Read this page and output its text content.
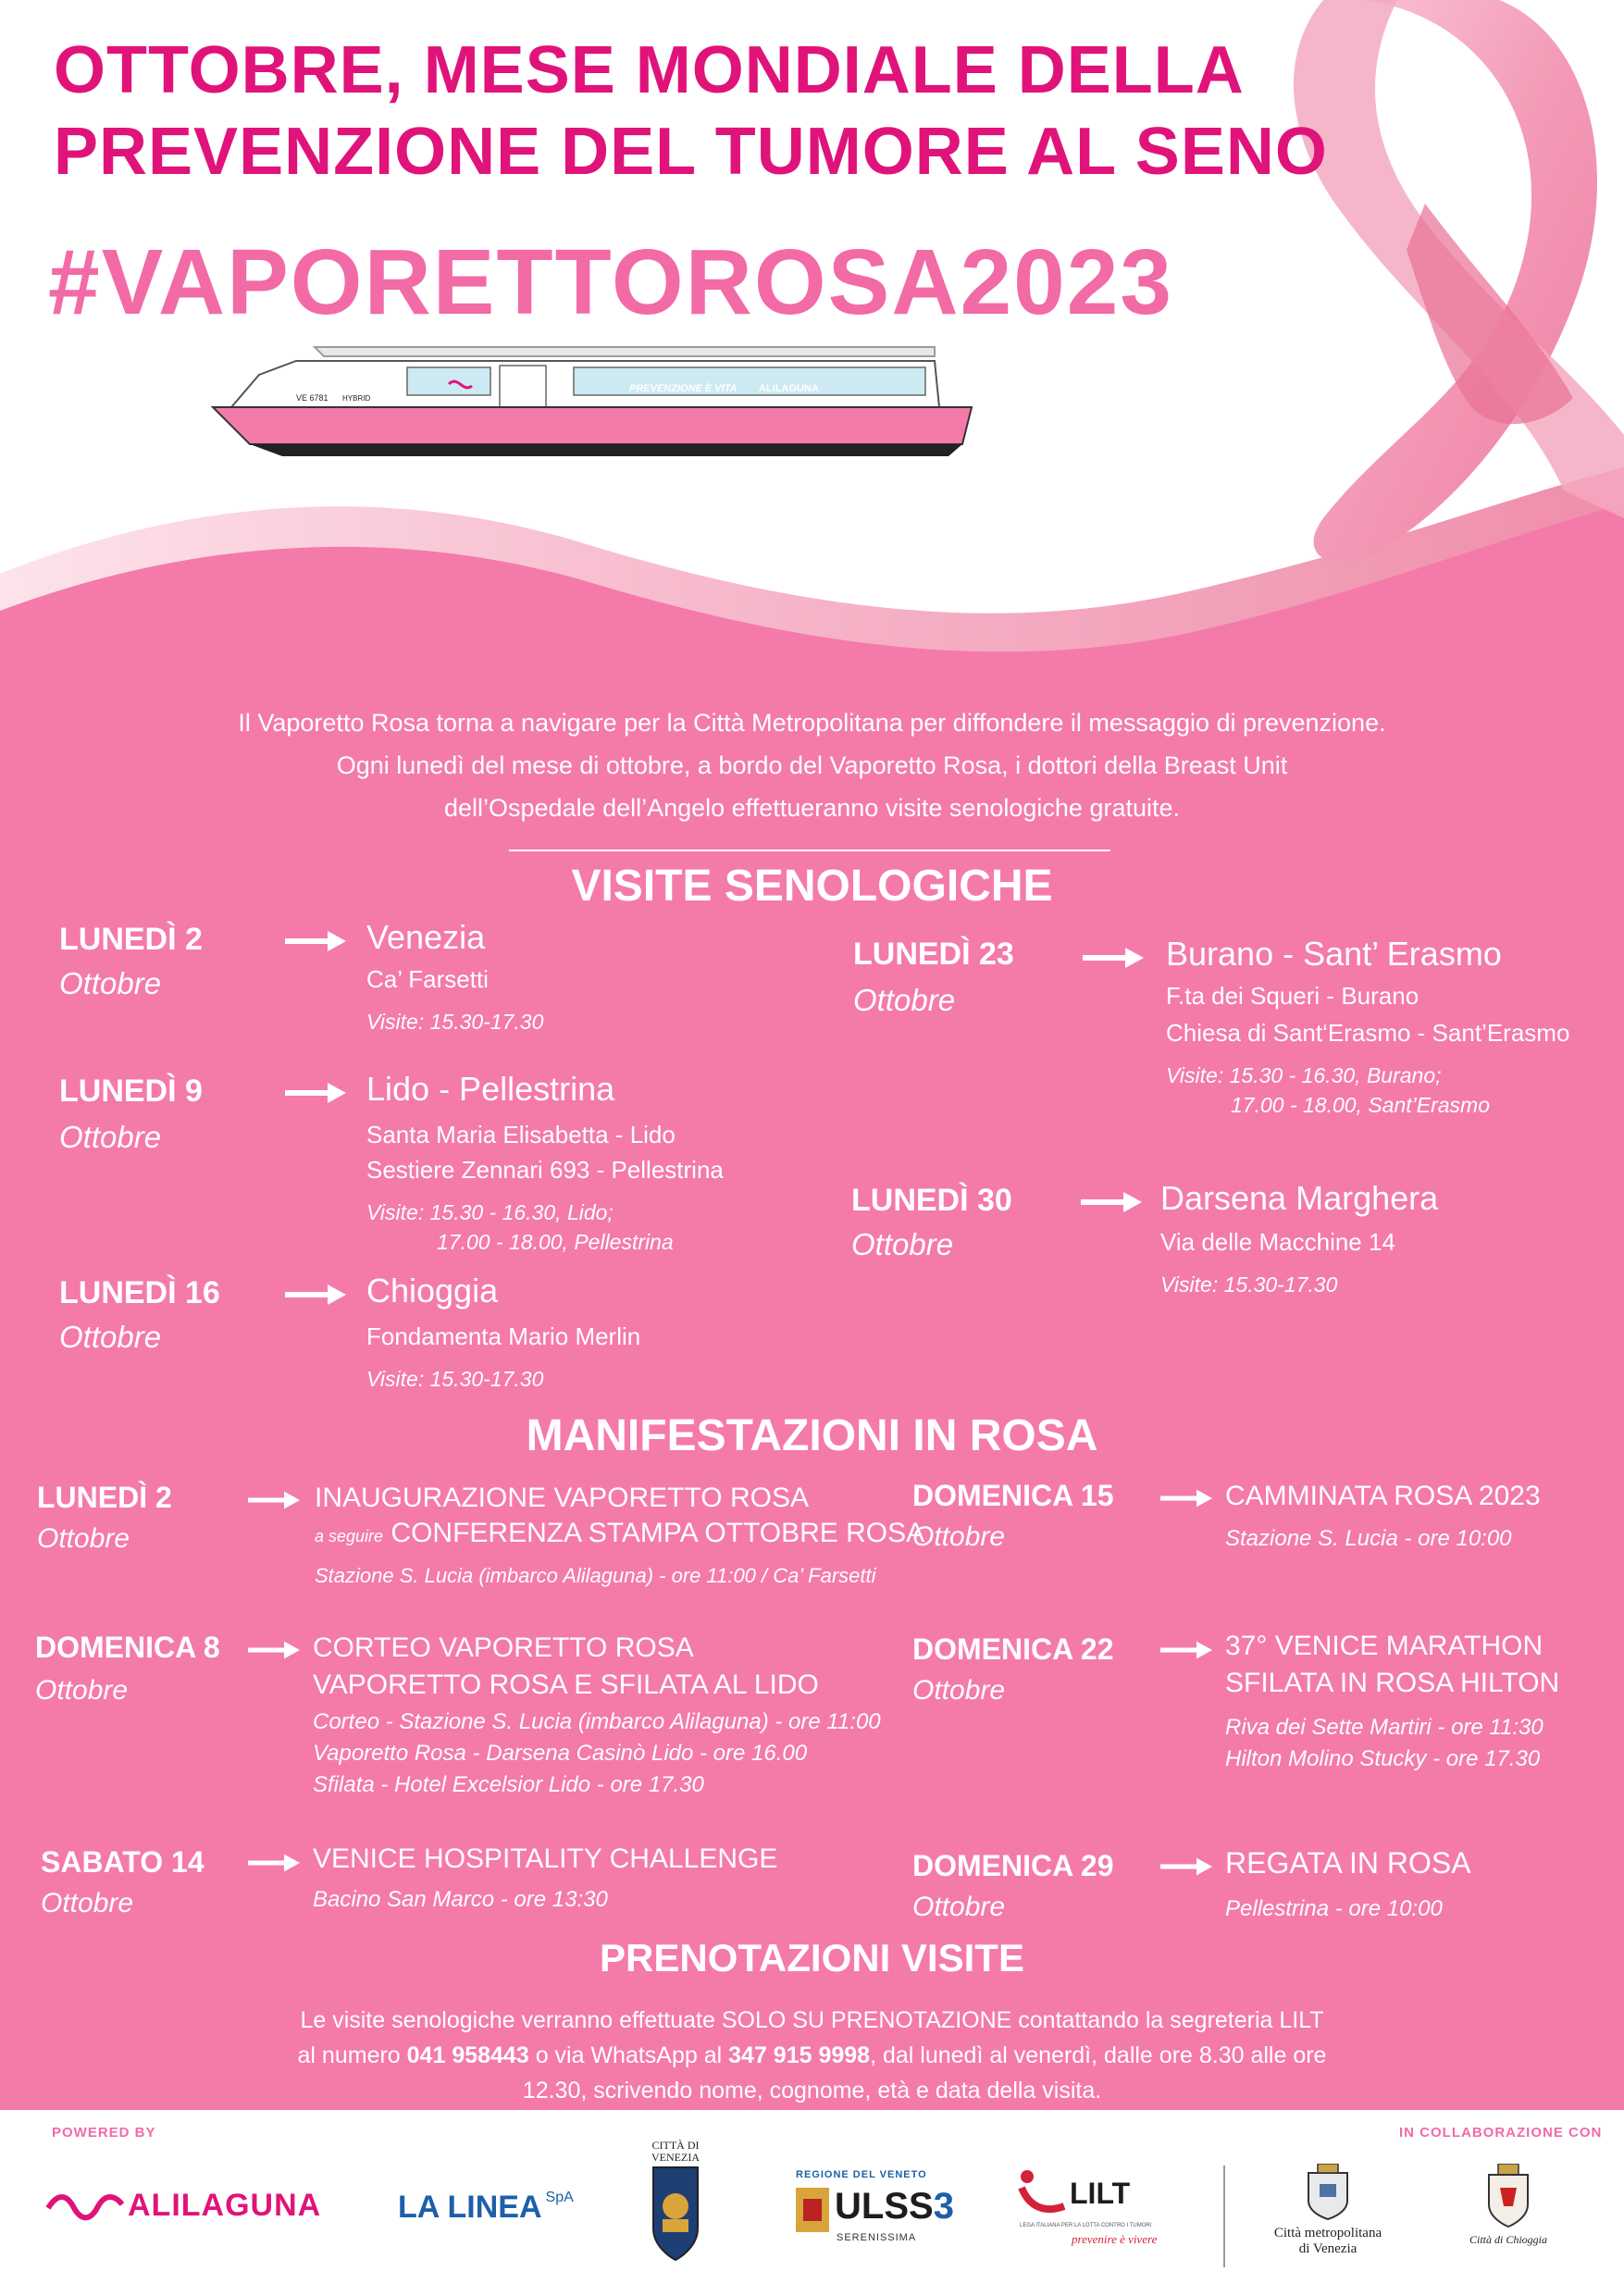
OTTOBRE, MESE MONDIALE DELLA
PREVENZIONE DEL TUMORE AL SENO
#VAPORETTOROSA2023
VE 6781 HYBRID
PREVENZIONE È VITA ALILAGUNA
Il Vaporetto Rosa torna a navigare per la Città Metropolitana per diffondere il messaggio di prevenzione.
Ogni lunedì del mese di ottobre, a bordo del Vaporetto Rosa, i dottori della Breast Unit
dell’Ospedale dell’Angelo effettueranno visite senologiche gratuite.
VISITE SENOLOGICHE
LUNEDÌ 2
Ottobre
Venezia
Ca’ Farsetti
Visite: 15.30-17.30
LUNEDÌ 9
Ottobre
Lido - Pellestrina
Santa Maria Elisabetta - Lido
Sestiere Zennari 693 - Pellestrina
Visite: 15.30 - 16.30, Lido;
17.00 - 18.00, Pellestrina
LUNEDÌ 16
Ottobre
Chioggia
Fondamenta Mario Merlin
Visite: 15.30-17.30
LUNEDÌ 23
Ottobre
Burano - Sant’ Erasmo
F.ta dei Squeri - Burano
Chiesa di Sant‘Erasmo - Sant’Erasmo
Visite: 15.30 - 16.30, Burano;
17.00 - 18.00, Sant’Erasmo
LUNEDÌ 30
Ottobre
Darsena Marghera
Via delle Macchine 14
Visite: 15.30-17.30
MANIFESTAZIONI IN ROSA
LUNEDÌ 2
Ottobre
INAUGURAZIONE VAPORETTO ROSA
a seguire CONFERENZA STAMPA OTTOBRE ROSA
Stazione S. Lucia (imbarco Alilaguna) - ore 11:00 / Ca’ Farsetti
DOMENICA 8
Ottobre
CORTEO VAPORETTO ROSA
VAPORETTO ROSA E SFILATA AL LIDO
Corteo - Stazione S. Lucia (imbarco Alilaguna) - ore 11:00
Vaporetto Rosa - Darsena Casinò Lido - ore 16.00
Sfilata - Hotel Excelsior Lido - ore 17.30
SABATO 14
Ottobre
VENICE HOSPITALITY CHALLENGE
Bacino San Marco - ore 13:30
DOMENICA 15
Ottobre
CAMMINATA ROSA 2023
Stazione S. Lucia - ore 10:00
DOMENICA 22
Ottobre
37° VENICE MARATHON
SFILATA IN ROSA HILTON
Riva dei Sette Martiri - ore 11:30
Hilton Molino Stucky - ore 17.30
DOMENICA 29
Ottobre
REGATA IN ROSA
Pellestrina - ore 10:00
PRENOTAZIONI VISITE
Le visite senologiche verranno effettuate SOLO SU PRENOTAZIONE contattando la segreteria LILT
al numero 041 958443 o via WhatsApp al 347 915 9998, dal lunedì al venerdì, dalle ore 8.30 alle ore
12.30, scrivendo nome, cognome, età e data della visita.
POWERED BY	IN COLLABORAZIONE CON
ALILAGUNA LA LINEA SpA
CITTÀ DI
VENEZIA
REGIONE DEL VENETO
ULSS3
SERENISSIMA
LILT
LEGA ITALIANA PER LA LOTTA CONTRO I TUMORI
prevenire è vivere	Città metropolitana
di Venezia
Città di Chioggia
